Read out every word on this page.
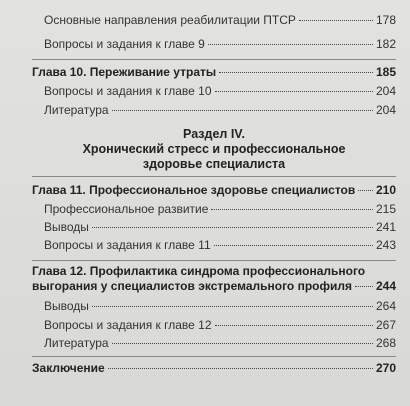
Основные направления реабилитации ПТСР	178
Вопросы и задания к главе 9	182
Глава 10. Переживание утраты	185
Вопросы и задания к главе 10	204
Литература	204
Раздел IV.
Хронический стресс и профессиональное
здоровье специалиста
Глава 11. Профессиональное здоровье специалистов 210
Профессиональное развитие	215
Выводы	241
Вопросы и задания к главе 11	243
Глава 12. Профилактика синдрома профессионального
выгорания у специалистов экстремального профиля 244
Выводы	264
Вопросы и задания к главе 12	267
Литература	268
Заключение	270
